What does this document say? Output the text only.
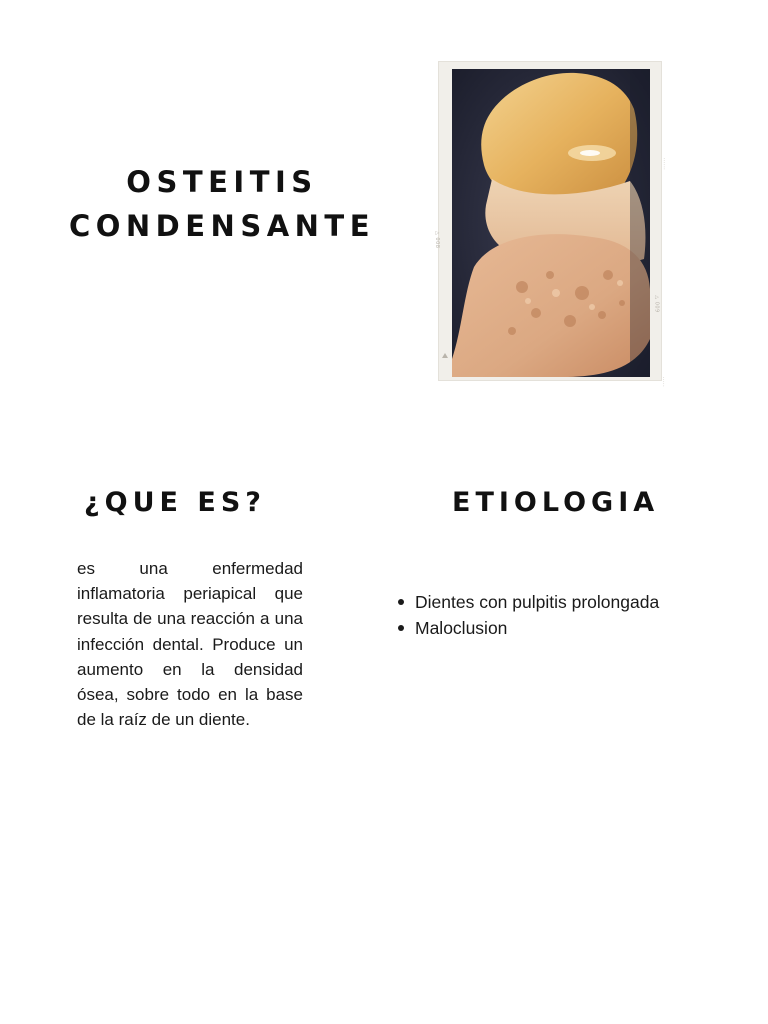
OSTEITIS
CONDENSANTE	△ 008
······
△ 009
·····
¿QUE ES?	ETIOLOGIA

es una enfermedad inflamatoria periapical que resulta de una reacción a una infección dental. Produce un aumento en la densidad ósea, sobre todo en la base de la raíz de un diente.

Dientes con pulpitis prolongada
Maloclusion
